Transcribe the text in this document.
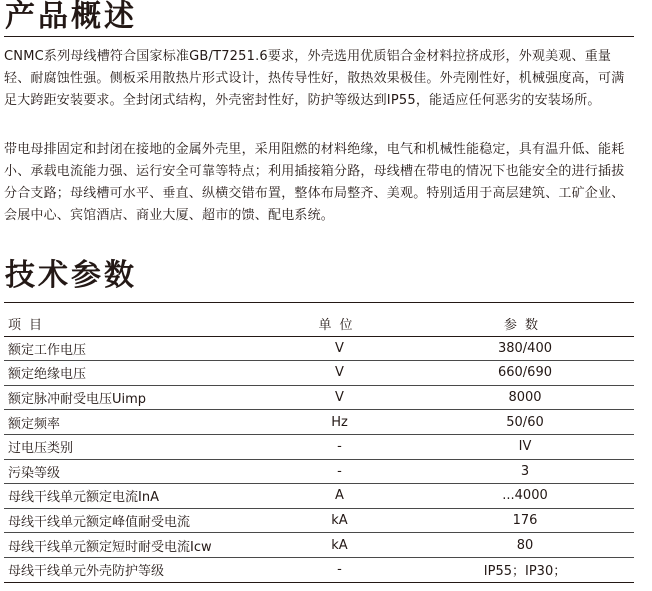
产品概述

CNMC系列母线槽符合国家标准GB/T7251.6要求，外壳选用优质铝合金材料拉挤成形，外观美观、重量轻、耐腐蚀性强。侧板采用散热片形式设计，热传导性好，散热效果极佳。外壳刚性好，机械强度高，可满足大跨距安装要求。全封闭式结构，外壳密封性好，防护等级达到IP55，能适应任何恶劣的安装场所。

带电母排固定和封闭在接地的金属外壳里，采用阻燃的材料绝缘，电气和机械性能稳定，具有温升低、能耗小、承载电流能力强、运行安全可靠等特点；利用插接箱分路，母线槽在带电的情况下也能安全的进行插拔分合支路；母线槽可水平、垂直、纵横交错布置，整体布局整齐、美观。特别适用于高层建筑、工矿企业、会展中心、宾馆酒店、商业大厦、超市的馈、配电系统。

技术参数
项目	单位	参数
额定工作电压	V	380/400
额定绝缘电压	V	660/690
额定脉冲耐受电压Uimp	V	8000
额定频率	Hz	50/60
过电压类别	-	IV
污染等级	-	3
母线干线单元额定电流InA	A	...4000
母线干线单元额定峰值耐受电流	kA	176
母线干线单元额定短时耐受电流Icw	kA	80
母线干线单元外壳防护等级	-	IP55；IP30；
